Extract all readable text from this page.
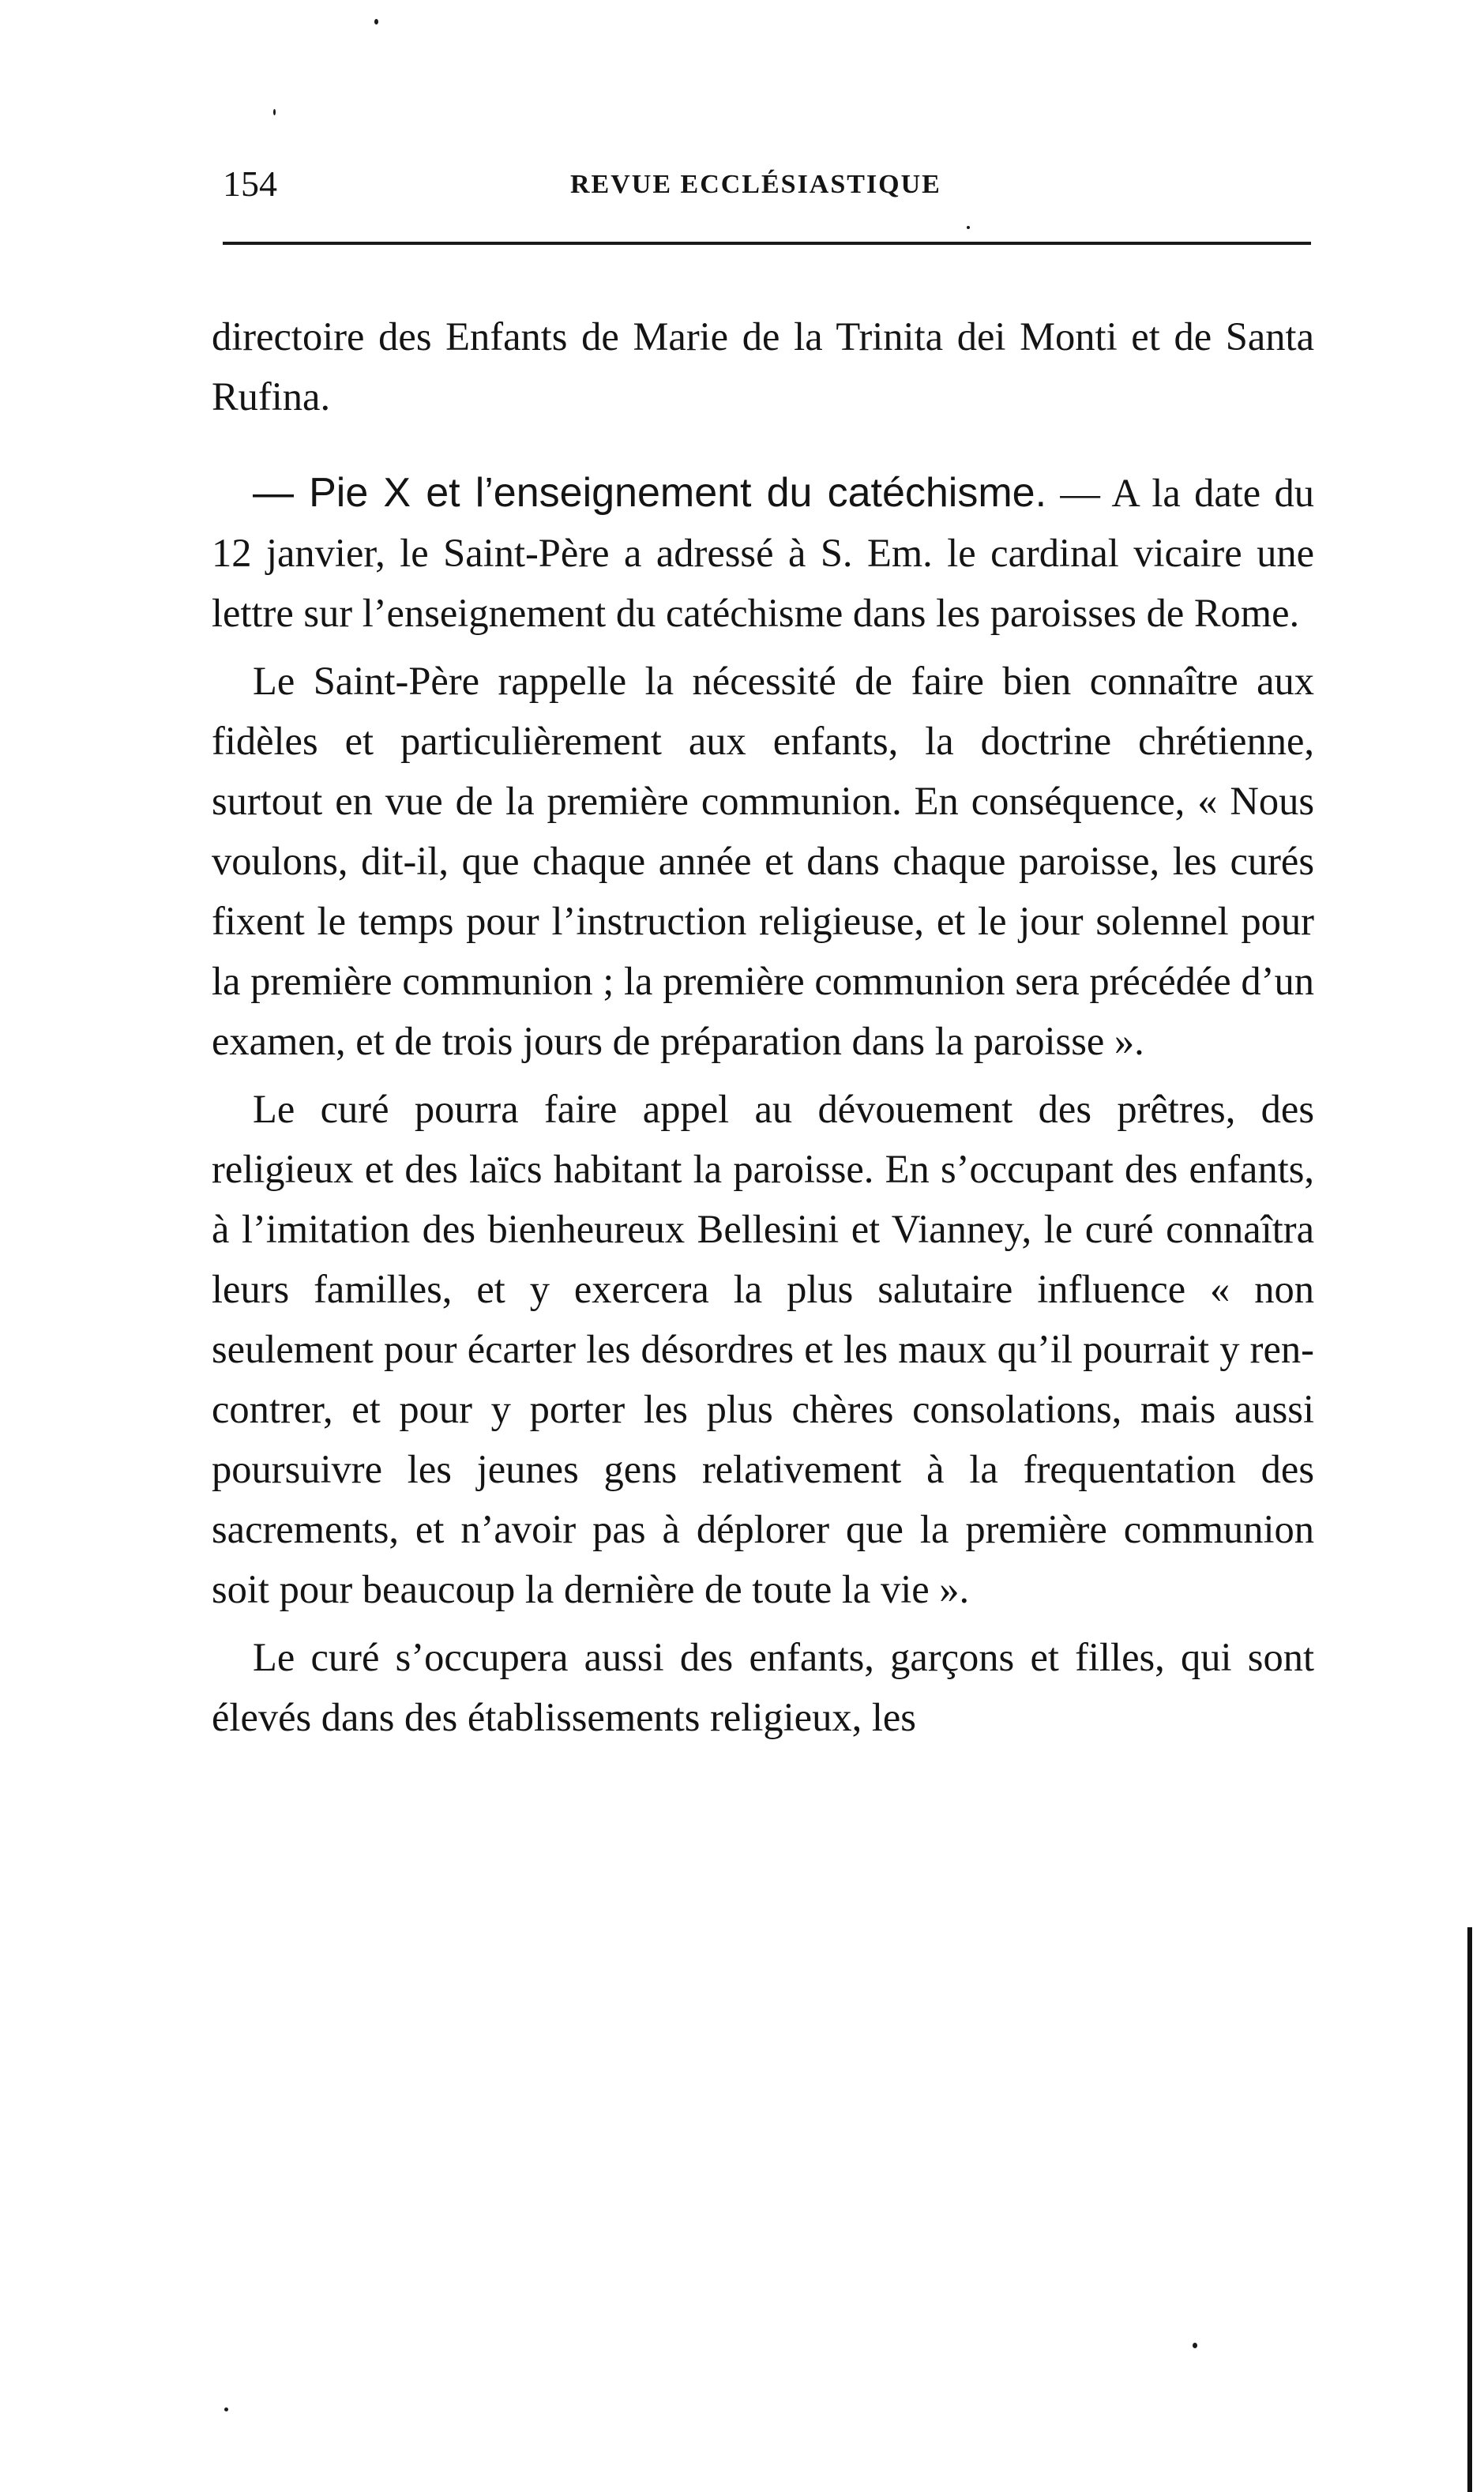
154	REVUE ECCLÉSIASTIQUE

directoire des Enfants de Marie de la Trinita dei Monti et de Santa Rufina.

— Pie X et l’enseignement du catéchisme. — A la date du 12 janvier, le Saint-Père a adressé à S. Em. le cardinal vicaire une lettre sur l’enseignement du catéchisme dans les paroisses de Rome.

Le Saint-Père rappelle la nécessité de faire bien connaître aux fidèles et particulièrement aux enfants, la doctrine chrétienne, surtout en vue de la première communion. En conséquence, « Nous voulons, dit-il, que chaque année et dans chaque paroisse, les curés fixent le temps pour l’instruction religieuse, et le jour solennel pour la première communion ; la première communion sera précédée d’un examen, et de trois jours de préparation dans la paroisse ».

Le curé pourra faire appel au dévouement des prêtres, des religieux et des laïcs habitant la paroisse. En s’occupant des enfants, à l’imitation des bienheureux Bellesini et Vianney, le curé connaîtra leurs familles, et y exercera la plus salutaire influence « non seulement pour écarter les désordres et les maux qu’il pourrait y rencontrer, et pour y porter les plus chères consolations, mais aussi poursuivre les jeunes gens relativement à la frequentation des sacrements, et n’avoir pas à déplorer que la première communion soit pour beaucoup la dernière de toute la vie ».

Le curé s’occupera aussi des enfants, garçons et filles, qui sont élevés dans des établissements religieux, les
